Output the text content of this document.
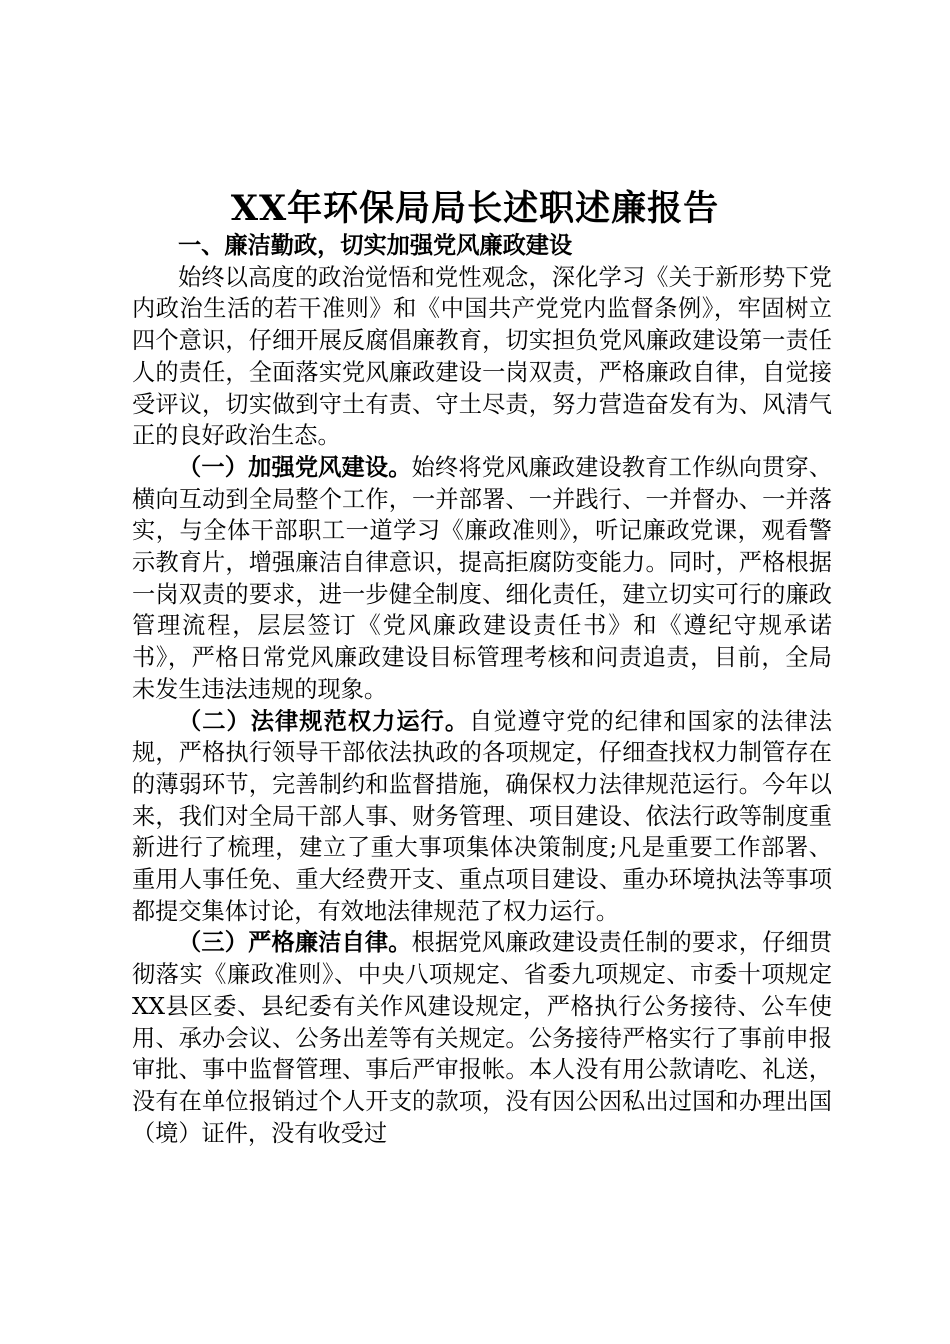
XX年环保局局长述职述廉报告

一、廉洁勤政，切实加强党风廉政建设

始终以高度的政治觉悟和党性观念，深化学习《关于新形势下党内政治生活的若干准则》和《中国共产党党内监督条例》，牢固树立四个意识，仔细开展反腐倡廉教育，切实担负党风廉政建设第一责任人的责任，全面落实党风廉政建设一岗双责，严格廉政自律，自觉接受评议，切实做到守土有责、守土尽责，努力营造奋发有为、风清气正的良好政治生态。

（一）加强党风建设。始终将党风廉政建设教育工作纵向贯穿、横向互动到全局整个工作，一并部署、一并践行、一并督办、一并落实，与全体干部职工一道学习《廉政准则》，听记廉政党课，观看警示教育片，增强廉洁自律意识，提高拒腐防变能力。同时，严格根据一岗双责的要求，进一步健全制度、细化责任，建立切实可行的廉政管理流程，层层签订《党风廉政建设责任书》和《遵纪守规承诺书》，严格日常党风廉政建设目标管理考核和问责追责，目前，全局未发生违法违规的现象。

（二）法律规范权力运行。自觉遵守党的纪律和国家的法律法规，严格执行领导干部依法执政的各项规定，仔细查找权力制管存在的薄弱环节，完善制约和监督措施，确保权力法律规范运行。今年以来，我们对全局干部人事、财务管理、项目建设、依法行政等制度重新进行了梳理，建立了重大事项集体决策制度;凡是重要工作部署、重用人事任免、重大经费开支、重点项目建设、重办环境执法等事项都提交集体讨论，有效地法律规范了权力运行。

（三）严格廉洁自律。根据党风廉政建设责任制的要求，仔细贯彻落实《廉政准则》、中央八项规定、省委九项规定、市委十项规定XX县区委、县纪委有关作风建设规定，严格执行公务接待、公车使用、承办会议、公务出差等有关规定。公务接待严格实行了事前申报审批、事中监督管理、事后严审报帐。本人没有用公款请吃、礼送，没有在单位报销过个人开支的款项，没有因公因私出过国和办理出国（境）证件，没有收受过
